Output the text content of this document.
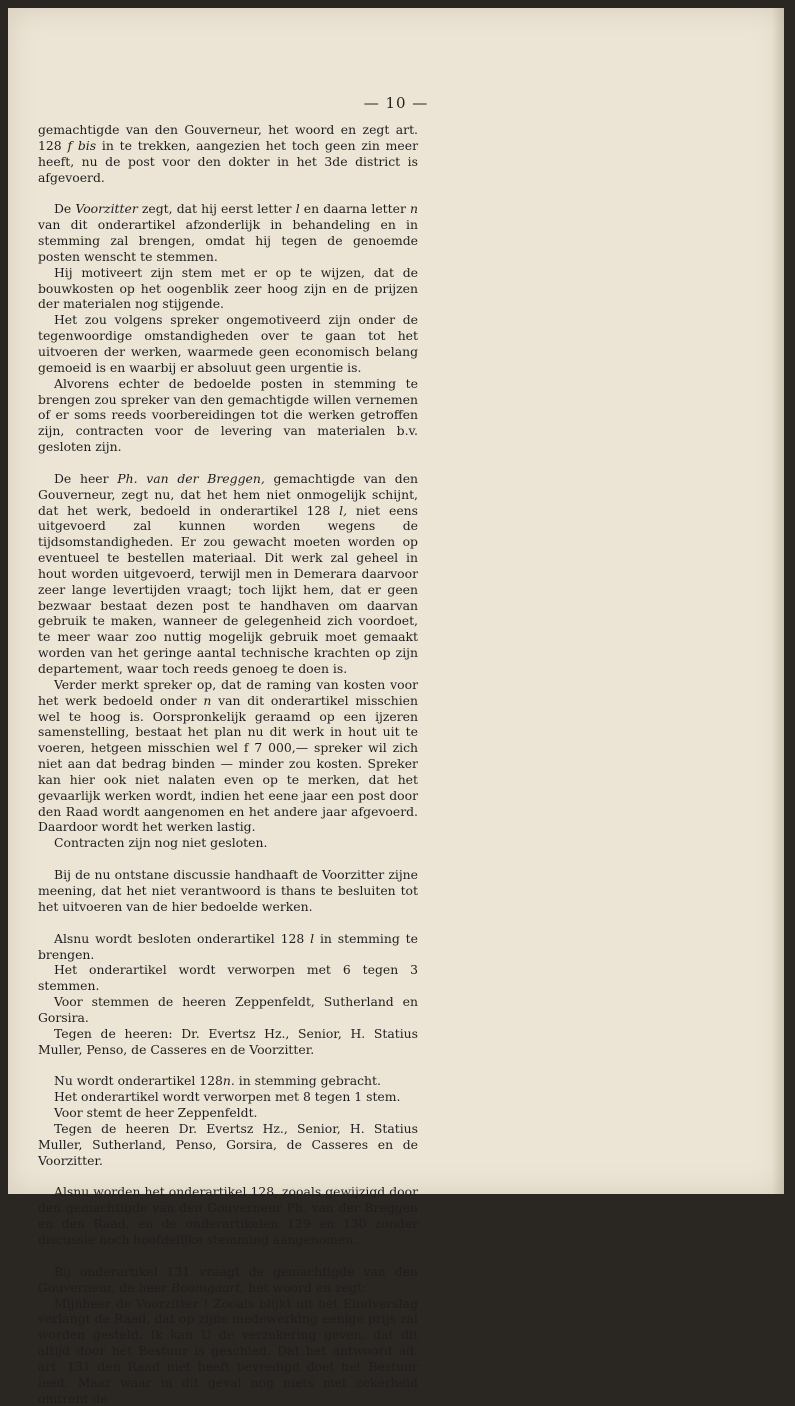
— 10 —

gemachtigde van den Gouverneur, het woord en zegt art. 128 f bis in te trekken, aangezien het toch geen zin meer heeft, nu de post voor den dokter in het 3de district is afgevoerd.

De Voorzitter zegt, dat hij eerst letter l en daarna letter n van dit onderartikel afzonderlijk in behandeling en in stemming zal brengen, omdat hij tegen de genoemde posten wenscht te stemmen.

Hij motiveert zijn stem met er op te wijzen, dat de bouwkosten op het oogenblik zeer hoog zijn en de prijzen der materialen nog stijgende.

Het zou volgens spreker ongemotiveerd zijn onder de tegenwoordige omstandigheden over te gaan tot het uitvoeren der werken, waarmede geen economisch belang gemoeid is en waarbij er absoluut geen urgentie is.

Alvorens echter de bedoelde posten in stemming te brengen zou spreker van den gemachtigde willen vernemen of er soms reeds voorbereidingen tot die werken getroffen zijn, contracten voor de levering van materialen b.v. gesloten zijn.

De heer Ph. van der Breggen, gemachtigde van den Gouverneur, zegt nu, dat het hem niet onmogelijk schijnt, dat het werk, bedoeld in onderartikel 128 l, niet eens uitgevoerd zal kunnen worden wegens de tijdsomstandigheden. Er zou gewacht moeten worden op eventueel te bestellen materiaal. Dit werk zal geheel in hout worden uitgevoerd, terwijl men in Demerara daarvoor zeer lange levertijden vraagt; toch lijkt hem, dat er geen bezwaar bestaat dezen post te handhaven om daarvan gebruik te maken, wanneer de gelegenheid zich voordoet, te meer waar zoo nuttig mogelijk gebruik moet gemaakt worden van het geringe aantal technische krachten op zijn departement, waar toch reeds genoeg te doen is.

Verder merkt spreker op, dat de raming van kosten voor het werk bedoeld onder n van dit onderartikel misschien wel te hoog is. Oorspronkelijk geraamd op een ijzeren samenstelling, bestaat het plan nu dit werk in hout uit te voeren, hetgeen misschien wel f 7 000,— spreker wil zich niet aan dat bedrag binden — minder zou kosten. Spreker kan hier ook niet nalaten even op te merken, dat het gevaarlijk werken wordt, indien het eene jaar een post door den Raad wordt aangenomen en het andere jaar afgevoerd. Daardoor wordt het werken lastig.

Contracten zijn nog niet gesloten.

Bij de nu ontstane discussie handhaaft de Voorzitter zijne meening, dat het niet verantwoord is thans te besluiten tot het uitvoeren van de hier bedoelde werken.

Alsnu wordt besloten onderartikel 128 l in stemming te brengen.

Het onderartikel wordt verworpen met 6 tegen 3 stemmen.

Voor stemmen de heeren Zeppenfeldt, Sutherland en Gorsira.

Tegen de heeren: Dr. Evertsz Hz., Senior, H. Statius Muller, Penso, de Casseres en de Voorzitter.

Nu wordt onderartikel 128n. in stemming gebracht.

Het onderartikel wordt verworpen met 8 tegen 1 stem.

Voor stemt de heer Zeppenfeldt.

Tegen de heeren Dr. Evertsz Hz., Senior, H. Statius Muller, Sutherland, Penso, Gorsira, de Casseres en de Voorzitter.

Alsnu worden het onderartikel 128, zooals gewijzigd door den gemachtigde van den Gouverneur Ph. van der Breggen en den Raad, en de onderartikelen 129 en 130 zonder discussie noch hoofdelijke stemming aangenomen.

Bij onderartikel 131 vraagt de gemachtigde van den Gouverneur, de heer Boomgaart, het woord en zegt:

Mijnheer de Voorzitter ! Zooals blijkt uit het Eindverslag verlangt de Raad, dat op zijne medewerking eenige prijs zal worden gesteld. Ik kan U de verzekering geven, dat dit altijd door het Bestuur is geschied. Dat het antwoord ad. art. 131 den Raad niet heeft bevredigd doet het Bestuur leed. Maar waar in dit geval nog niets met zekerheid omtrent de
